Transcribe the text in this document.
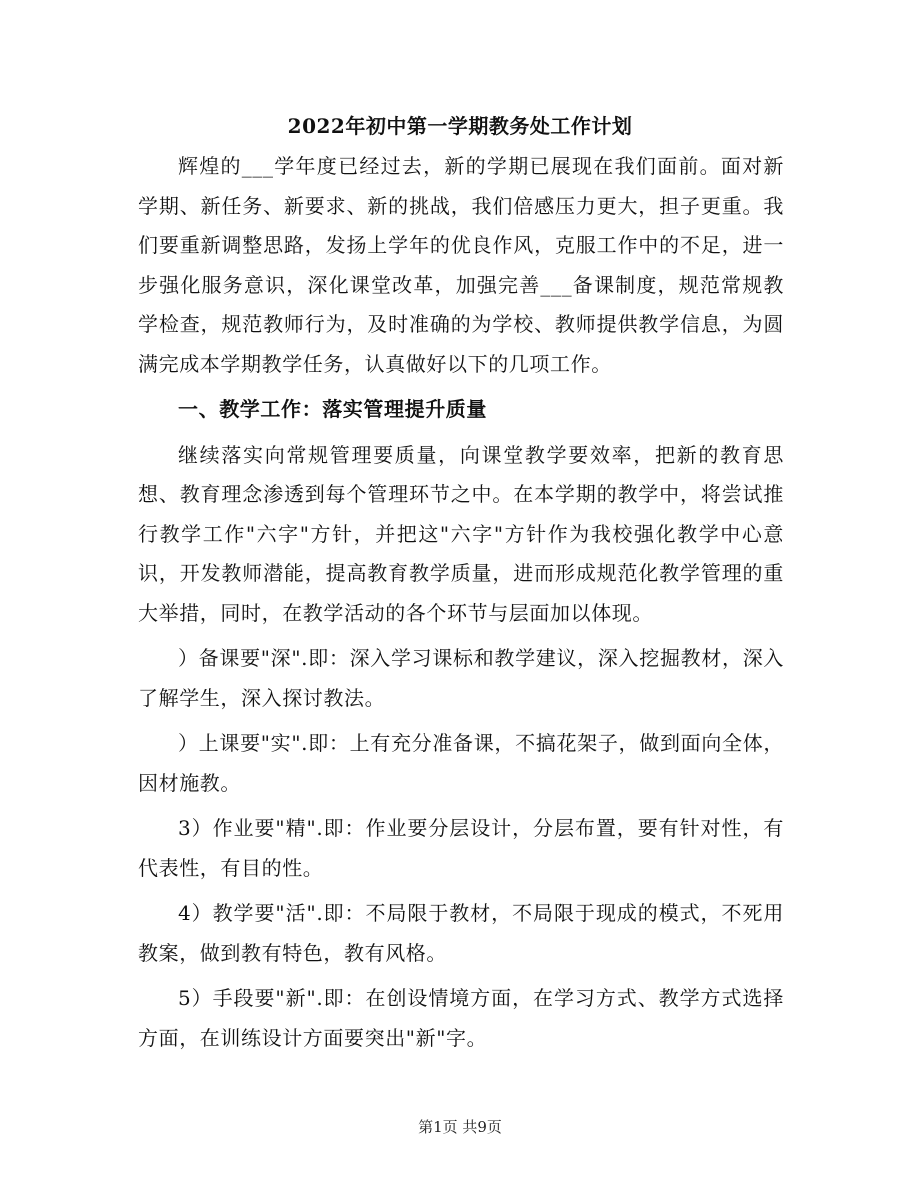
2022年初中第一学期教务处工作计划

辉煌的___学年度已经过去，新的学期已展现在我们面前。面对新学期、新任务、新要求、新的挑战，我们倍感压力更大，担子更重。我们要重新调整思路，发扬上学年的优良作风，克服工作中的不足，进一步强化服务意识，深化课堂改革，加强完善___备课制度，规范常规教学检查，规范教师行为，及时准确的为学校、教师提供教学信息，为圆满完成本学期教学任务，认真做好以下的几项工作。

一、教学工作：落实管理提升质量

继续落实向常规管理要质量，向课堂教学要效率，把新的教育思想、教育理念渗透到每个管理环节之中。在本学期的教学中，将尝试推行教学工作"六字"方针，并把这"六字"方针作为我校强化教学中心意识，开发教师潜能，提高教育教学质量，进而形成规范化教学管理的重大举措，同时，在教学活动的各个环节与层面加以体现。

）备课要"深".即：深入学习课标和教学建议，深入挖掘教材，深入了解学生，深入探讨教法。

）上课要"实".即：上有充分准备课，不搞花架子，做到面向全体，因材施教。

3）作业要"精".即：作业要分层设计，分层布置，要有针对性，有代表性，有目的性。

4）教学要"活".即：不局限于教材，不局限于现成的模式，不死用教案，做到教有特色，教有风格。

5）手段要"新".即：在创设情境方面，在学习方式、教学方式选择方面，在训练设计方面要突出"新"字。

第1页 共9页
